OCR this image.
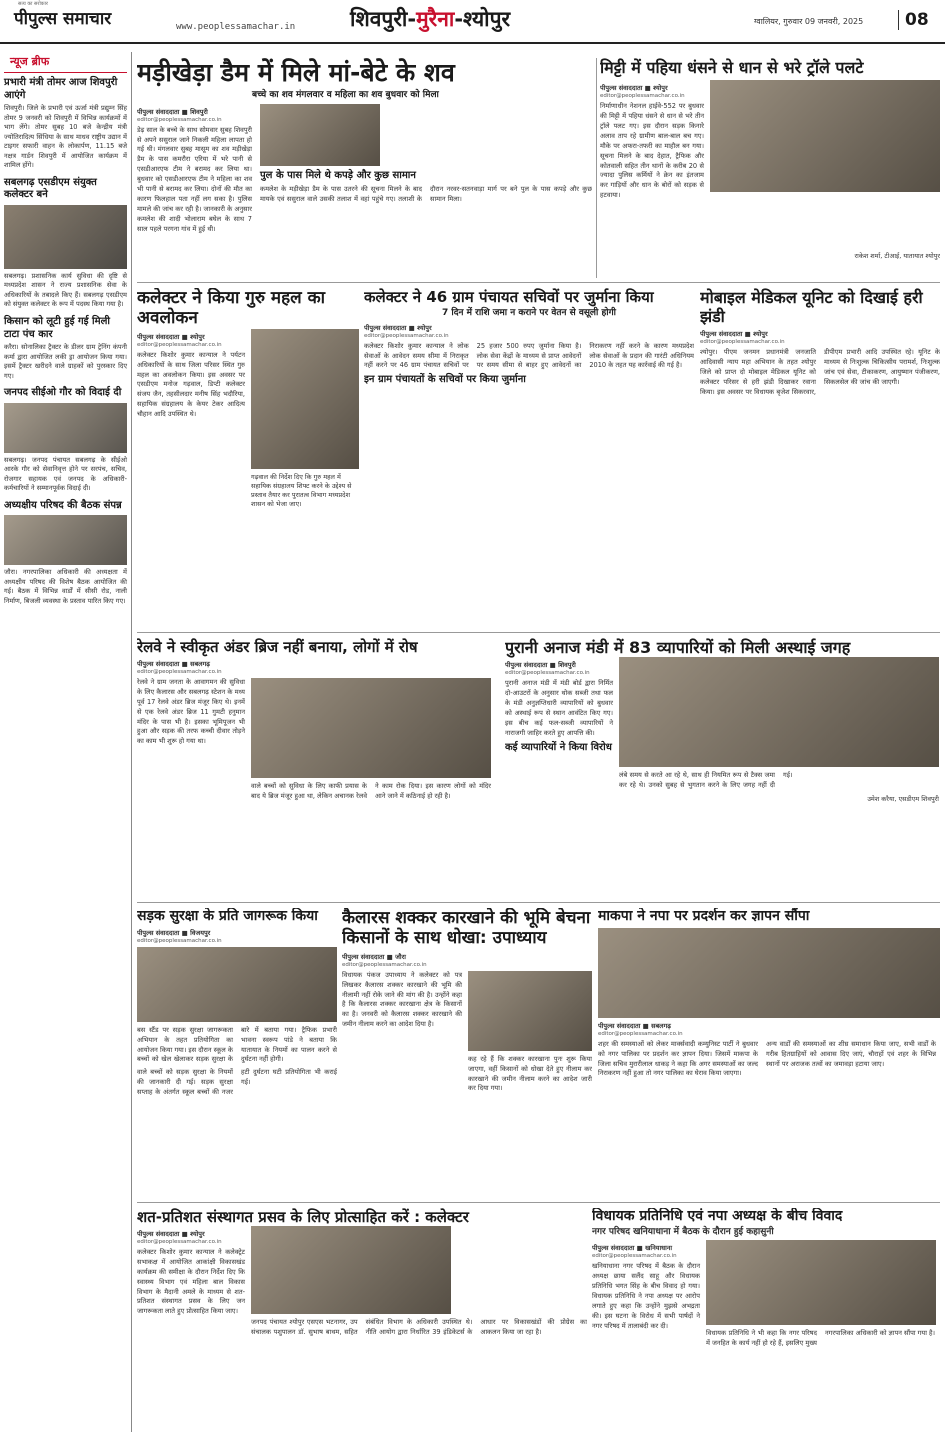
सत्य का सरोकार
पीपुल्स समाचार	www.peoplessamachar.in	शिवपुरी-मुरैना-श्योपुर	ग्वालियर, गुरुवार 09 जनवरी, 2025	08
न्यूज ब्रीफ
प्रभारी मंत्री तोमर आज शिवपुरी आएंगे
शिवपुरी। जिले के प्रभारी एवं ऊर्जा मंत्री प्रद्युम्न सिंह तोमर 9 जनवरी को शिवपुरी में विभिन्न कार्यक्रमों में भाग लेंगे। तोमर सुबह 10 बजे केन्द्रीय मंत्री ज्योतिरादित्य सिंधिया के साथ माधव राष्ट्रीय उद्यान में टाइगर सफारी वाहन के लोकार्पण, 11.15 बजे नक्षत्र गार्डन शिवपुरी में आयोजित कार्यक्रम में शामिल होंगे।
सबलगढ़ एसडीएम संयुक्त कलेक्टर बने
सबलगढ़। प्रशासनिक कार्य सुविधा की दृष्टि से मध्यप्रदेश शासन ने राज्य प्रशासनिक सेवा के अधिकारियों के तबादले किए हैं। सबलगढ़ एसडीएम को संयुक्त कलेक्टर के रूप में पदस्थ किया गया है।
किसान को लूटी हुई गई मिली टाटा पंच कार
करैरा। सोनालिका ट्रैक्टर के डीलर ग्राम ट्रेनिंग कंपनी कर्मा द्वारा आयोजित लकी ड्रा आयोजन किया गया। इसमें ट्रैक्टर खरीदने वाले ग्राहकों को पुरस्कार दिए गए।
जनपद सीईओ गौर को विदाई दी
सबलगढ़। जनपद पंचायत सबलगढ़ के सीईओ आरके गौर को सेवानिवृत्त होने पर सरपंच, सचिव, रोजगार सहायक एवं जनपद के अधिकारी-कर्मचारियों ने सम्मानपूर्वक विदाई दी।
अध्यक्षीय परिषद की बैठक संपन्न
जौरा। नगरपालिका अधिकारी की अध्यक्षता में अध्यक्षीय परिषद की विशेष बैठक आयोजित की गई। बैठक में विभिन्न वार्डों में सीसी रोड, नाली निर्माण, बिजली व्यवस्था के प्रस्ताव पारित किए गए।
मड़ीखेड़ा डैम में मिले मां-बेटे के शव
बच्चे का शव मंगलवार व महिला का शव बुधवार को मिला
पीपुल्स संवाददाता ■ शिवपुरी
editor@peoplessamachar.co.in
डेढ़ साल के बच्चे के साथ सोमवार सुबह शिवपुरी से अपने ससुराल जाने निकली महिला लापता हो गई थी। मंगलवार सुबह मासूम का शव मड़ीखेड़ा डैम के पास कमरौरा एरिया में भरे पानी से एसडीआरएफ टीम ने बरामद कर लिया था। बुधवार को एसडीआरएफ टीम ने महिला का शव भी पानी से बरामद कर लिया। दोनों की मौत का कारण फिलहाल पता नहीं लग सका है। पुलिस मामले की जांच कर रही है। जानकारी के अनुसार कमलेश की शादी भोलाराम बघेल के साथ 7 साल पहले परगना गांव में हुई थी।
पुल के पास मिले थे कपड़े और कुछ सामान
कमलेश के मड़ीखेड़ा डैम के पास उतरने की सूचना मिलने के बाद मायके एवं ससुराल वाले उसकी तलाश में वहां पहुंचे गए। तलाशी के दौरान नरवर-सतनवाड़ा मार्ग पर बने पुल के पास कपड़े और कुछ सामान मिला।
मिट्टी में पहिया धंसने से धान से भरे ट्रॉले पलटे
पीपुल्स संवाददाता ■ श्योपुर
editor@peoplessamachar.co.in
निर्माणाधीन नेशनल हाईवे-552 पर बुधवार की मिट्टी में पहिया धंसने से धान से भरे तीन ट्रॉले पलट गए। इस दौरान सड़क किनारे अलाव ताप रहे ग्रामीण बाल-बाल बच गए। मौके पर अफरा-तफरी का माहौल बन गया। सूचना मिलने के बाद देहात, ट्रैफिक और कोतवाली सहित तीन थानों के करीब 20 से ज्यादा पुलिस कर्मियों ने क्रेन का इंतजाम कर गाड़ियों और धान के बोरों को सड़क से हटवाया।
राकेश शर्मा, टीआई, यातायात श्योपुर
कलेक्टर ने किया गुरु महल का अवलोकन
पीपुल्स संवाददाता ■ श्योपुर
editor@peoplessamachar.co.in
कलेक्टर किशोर कुमार कान्याल ने पर्यटन अधिकारियों के साथ जिला परिसर स्थित गुरु महल का अवलोकन किया। इस अवसर पर एसडीएम मनोज गढ़वाल, डिप्टी कलेक्टर संजय जैन, तहसीलदार मनीष सिंह भदौरिया, सहायिक संग्रहालय के केयर टेकर आदित्य चौहान आदि उपस्थित थे।
गढ़वाल की निर्देश दिए कि गुरु महल में सहायिक संग्रहालय शिफ्ट करने के उद्देश्य से प्रस्ताव तैयार कर पुरातत्व विभाग मध्यप्रदेश शासन को भेजा जाए।
कलेक्टर ने 46 ग्राम पंचायत सचिवों पर जुर्माना किया
7 दिन में राशि जमा न कराने पर वेतन से वसूली होगी
पीपुल्स संवाददाता ■ श्योपुर
editor@peoplessamachar.co.in
कलेक्टर किशोर कुमार कान्याल ने लोक सेवाओं के आवेदन समय सीमा में निराकृत नहीं करने पर 46 ग्राम पंचायत सचिवों पर 25 हजार 500 रुपए जुर्माना किया है। लोक सेवा केंद्रों के माध्यम से प्राप्त आवेदनों पर समय सीमा से बाहर हुए आवेदनों का निराकरण नहीं करने के कारण मध्यप्रदेश लोक सेवाओं के प्रदान की गारंटी अधिनियम 2010 के तहत यह कार्रवाई की गई है।
इन ग्राम पंचायतों के सचिवों पर किया जुर्माना
मोबाइल मेडिकल यूनिट को दिखाई हरी झंडी
पीपुल्स संवाददाता ■ श्योपुर
editor@peoplessamachar.co.in
श्योपुर। पीएम जनमन प्रधानमंत्री जनजाति आदिवासी न्याय महा अभियान के तहत श्योपुर जिले को प्राप्त दो मोबाइल मेडिकल यूनिट को कलेक्टर परिसर से हरी झंडी दिखाकर रवाना किया। इस अवसर पर विधायक बृजेश सिकरवार, डीपीएम प्रभारी आदि उपस्थित रहे। यूनिट के माध्यम से निःशुल्क चिकित्सीय परामर्श, निःशुल्क जांच एवं सेवा, टीकाकरण, आयुष्मान पंजीकरण, सिकलसेल की जांच की जाएगी।
रेलवे ने स्वीकृत अंडर ब्रिज नहीं बनाया, लोगों में रोष
पीपुल्स संवाददाता ■ सबलगढ़
editor@peoplessamachar.co.in
रेलवे ने ग्राम जनता के आवागमन की सुविधा के लिए कैलारस और सबलगढ़ स्टेशन के मध्य पूर्व 17 रेलवे अंडर ब्रिज मंजूर किए थे। इनमें से एक रेलवे अंडर ब्रिज 11 गुमटी हनुमान मंदिर के पास भी है। इसका भूमिपूजन भी हुआ और सड़क की तरफ कच्ची दीवार तोड़ने का काम भी शुरू हो गया था।
वाले बच्चों को सुविधा के लिए काफी प्रयास के बाद ये ब्रिज मंजूर हुआ था, लेकिन अचानक रेलवे ने काम रोक दिया। इस कारण लोगों को मंदिर आने जाने में कठिनाई हो रही है।
पुरानी अनाज मंडी में 83 व्यापारियों को मिली अस्थाई जगह
पीपुल्स संवाददाता ■ शिवपुरी
editor@peoplessamachar.co.in
पुरानी अनाज मंडी में मंडी बोर्ड द्वारा निर्मित दो-आउटरों के अनुसार थोक सब्जी तथा फल के मंडी अनुज्ञप्तिधारी व्यापारियों को बुधवार को अस्थाई रूप से स्थान आवंटित किए गए। इस बीच कई फल-सब्जी व्यापारियों ने नाराजगी जाहिर करते हुए आपत्ति की।
कई व्यापारियों ने किया विरोध
लंबे समय से करते आ रहे थे, साथ ही नियमित रूप से टैक्स जमा कर रहे थे। उनको सुबह से भुगतान करने के लिए जगह नहीं दी गई।
उमेश करैया, एसडीएम शिवपुरी
सड़क सुरक्षा के प्रति जागरूक किया
पीपुल्स संवाददाता ■ विजयपुर
editor@peoplessamachar.co.in
बस स्टैंड पर सड़क सुरक्षा जागरूकता अभियान के तहत प्रतियोगिता का आयोजन किया गया। इस दौरान स्कूल के बच्चों को खेल खेलाकर सड़क सुरक्षा के बारे में बताया गया। ट्रैफिक प्रभारी भावना स्वरूप पांडे ने बताया कि यातायात के नियमों का पालन करने से दुर्घटना नहीं होगी।
वाले बच्चों को सड़क सुरक्षा के नियमों की जानकारी दी गई। सड़क सुरक्षा सप्ताह के अंतर्गत स्कूल बच्चों की नजर हटी दुर्घटना घटी प्रतियोगिता भी कराई गई।
कैलारस शक्कर कारखाने की भूमि बेचना किसानों के साथ धोखा: उपाध्याय
पीपुल्स संवाददाता ■ जौरा
editor@peoplessamachar.co.in
विधायक पंकज उपाध्याय ने कलेक्टर को पत्र लिखकर कैलारस शक्कर कारखाने की भूमि की नीलामी नहीं रोके जाने की मांग की है। उन्होंने कहा है कि कैलारस शक्कर कारखाना क्षेत्र के किसानों का है। जनवरी को कैलारस शक्कर कारखाने की जमीन नीलाम करने का आदेश दिया है।
कह रहे हैं कि शक्कर कारखाना पुनः शुरू किया जाएगा, वहीं किसानों को धोखा देते हुए नीलाम कर कारखाने की जमीन नीलाम करने का आदेश जारी कर दिया गया।
माकपा ने नपा पर प्रदर्शन कर ज्ञापन सौंपा
पीपुल्स संवाददाता ■ सबलगढ़
editor@peoplessamachar.co.in
शहर की समस्याओं को लेकर मार्क्सवादी कम्युनिस्ट पार्टी ने बुधवार को नगर पालिका पर प्रदर्शन कर ज्ञापन दिया। जिसमें माकपा के जिला सचिव मुरारीलाल धाकड़ ने कहा कि अगर समस्याओं का जल्द निराकरण नहीं हुआ तो नगर पालिका का घेराव किया जाएगा।
अन्य वार्डों की समस्याओं का शीघ्र समाधान किया जाए, सभी वार्डों के गरीब हितग्राहियों को आवास दिए जाएं, चौराहों एवं शहर के विभिन्न स्थानों पर अराजक तत्वों का जमावड़ा हटाया जाए।
शत-प्रतिशत संस्थागत प्रसव के लिए प्रोत्साहित करें : कलेक्टर
पीपुल्स संवाददाता ■ श्योपुर
editor@peoplessamachar.co.in
कलेक्टर किशोर कुमार कान्याल ने कलेक्ट्रेट सभाकक्ष में आयोजित आकांक्षी विकासखंड कार्यक्रम की समीक्षा के दौरान निर्देश दिए कि स्वास्थ्य विभाग एवं महिला बाल विकास विभाग के मैदानी अमले के माध्यम से शत-प्रतिशत संस्थागत प्रसव के लिए जन जागरूकता लाते हुए प्रोत्साहित किया जाए।
जनपद पंचायत श्योपुर एसएस भटनागर, उप संचालक पशुपालन डॉ. सुभाष बाथम, सहित संबंधित विभाग के अधिकारी उपस्थित थे। नीति आयोग द्वारा निर्धारित 39 इंडिकेटर्स के आधार पर विकासखंडों की प्रोग्रेस का आकलन किया जा रहा है।
विधायक प्रतिनिधि एवं नपा अध्यक्ष के बीच विवाद
नगर परिषद खनियाधाना में बैठक के दौरान हुई कहासुनी
पीपुल्स संवाददाता ■ खनियाधाना
editor@peoplessamachar.co.in
खनियाधाना नगर परिषद में बैठक के दौरान अध्यक्ष छाया सलैंद साहू और विधायक प्रतिनिधि भगत सिंह के बीच विवाद हो गया। विधायक प्रतिनिधि ने नपा अध्यक्ष पर आरोप लगाते हुए कहा कि उन्होंने मुझसे अभद्रता की। इस घटना के विरोध में सभी पार्षदों ने नगर परिषद में तालाबंदी कर दी।
विधायक प्रतिनिधि ने भी कहा कि नगर परिषद में जनहित के कार्य नहीं हो रहे हैं, इसलिए मुख्य नगरपालिका अधिकारी को ज्ञापन सौंपा गया है।
